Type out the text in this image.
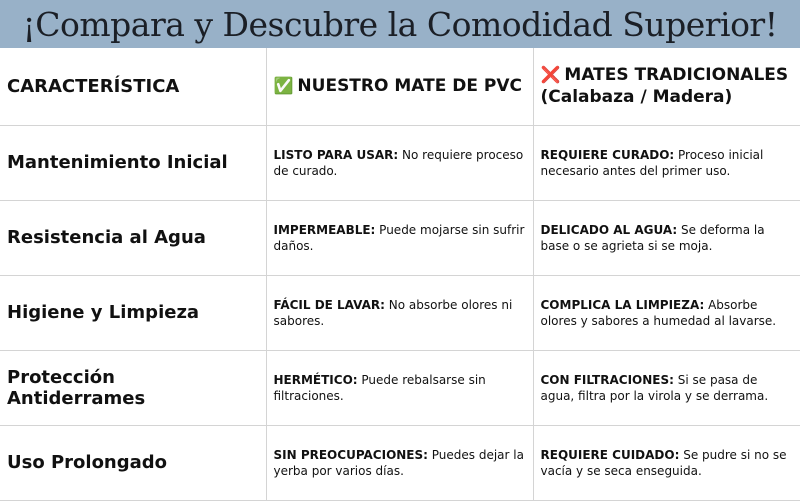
¡Compara y Descubre la Comodidad Superior!
CARACTERÍSTICA	✅ NUESTRO MATE DE PVC	❌ MATES TRADICIONALES
(Calabaza / Madera)
Mantenimiento Inicial	LISTO PARA USAR: No requiere proceso de curado.	REQUIERE CURADO: Proceso inicial necesario antes del primer uso.
Resistencia al Agua	IMPERMEABLE: Puede mojarse sin sufrir daños.	DELICADO AL AGUA: Se deforma la base o se agrieta si se moja.
Higiene y Limpieza	FÁCIL DE LAVAR: No absorbe olores ni sabores.	COMPLICA LA LIMPIEZA: Absorbe olores y sabores a humedad al lavarse.
Protección Antiderrames	HERMÉTICO: Puede rebalsarse sin filtraciones.	CON FILTRACIONES: Si se pasa de agua, filtra por la virola y se derrama.
Uso Prolongado	SIN PREOCUPACIONES: Puedes dejar la yerba por varios días.	REQUIERE CUIDADO: Se pudre si no se vacía y se seca enseguida.
